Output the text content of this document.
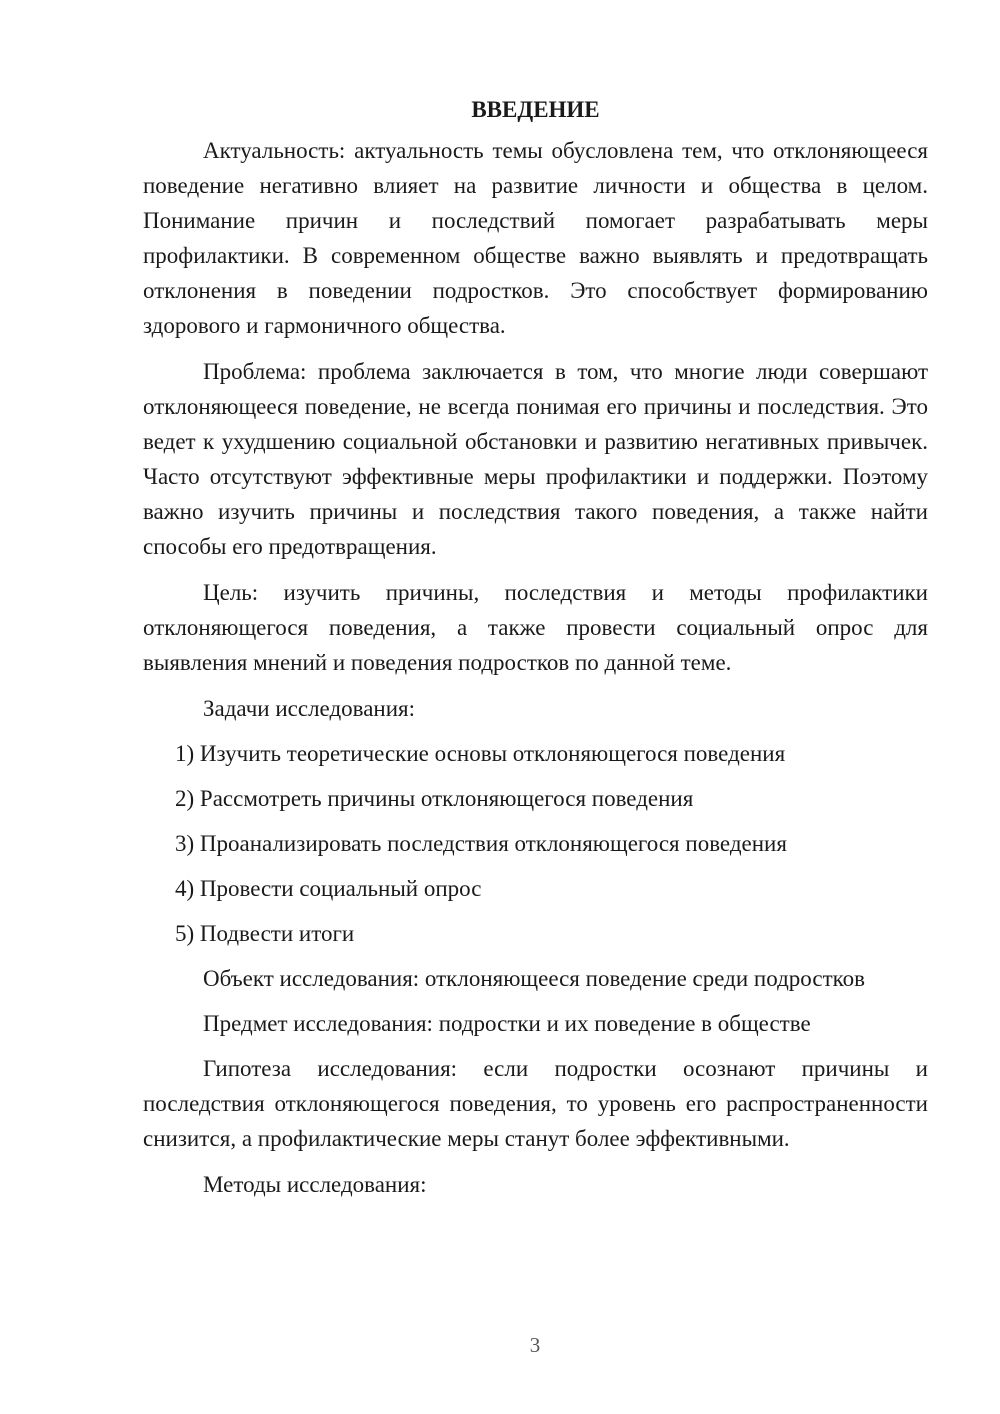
ВВЕДЕНИЕ

Актуальность: актуальность темы обусловлена тем, что отклоняющееся поведение негативно влияет на развитие личности и общества в целом. Понимание причин и последствий помогает разрабатывать меры профилактики. В современном обществе важно выявлять и предотвращать отклонения в поведении подростков. Это способствует формированию здорового и гармоничного общества.

Проблема: проблема заключается в том, что многие люди совершают отклоняющееся поведение, не всегда понимая его причины и последствия. Это ведет к ухудшению социальной обстановки и развитию негативных привычек. Часто отсутствуют эффективные меры профилактики и поддержки. Поэтому важно изучить причины и последствия такого поведения, а также найти способы его предотвращения.

Цель: изучить причины, последствия и методы профилактики отклоняющегося поведения, а также провести социальный опрос для выявления мнений и поведения подростков по данной теме.

Задачи исследования:

1) Изучить теоретические основы отклоняющегося поведения
2) Рассмотреть причины отклоняющегося поведения
3) Проанализировать последствия отклоняющегося поведения
4) Провести социальный опрос
5) Подвести итоги

Объект исследования: отклоняющееся поведение среди подростков

Предмет исследования: подростки и их поведение в обществе

Гипотеза исследования: если подростки осознают причины и последствия отклоняющегося поведения, то уровень его распространенности снизится, а профилактические меры станут более эффективными.

Методы исследования:

3
